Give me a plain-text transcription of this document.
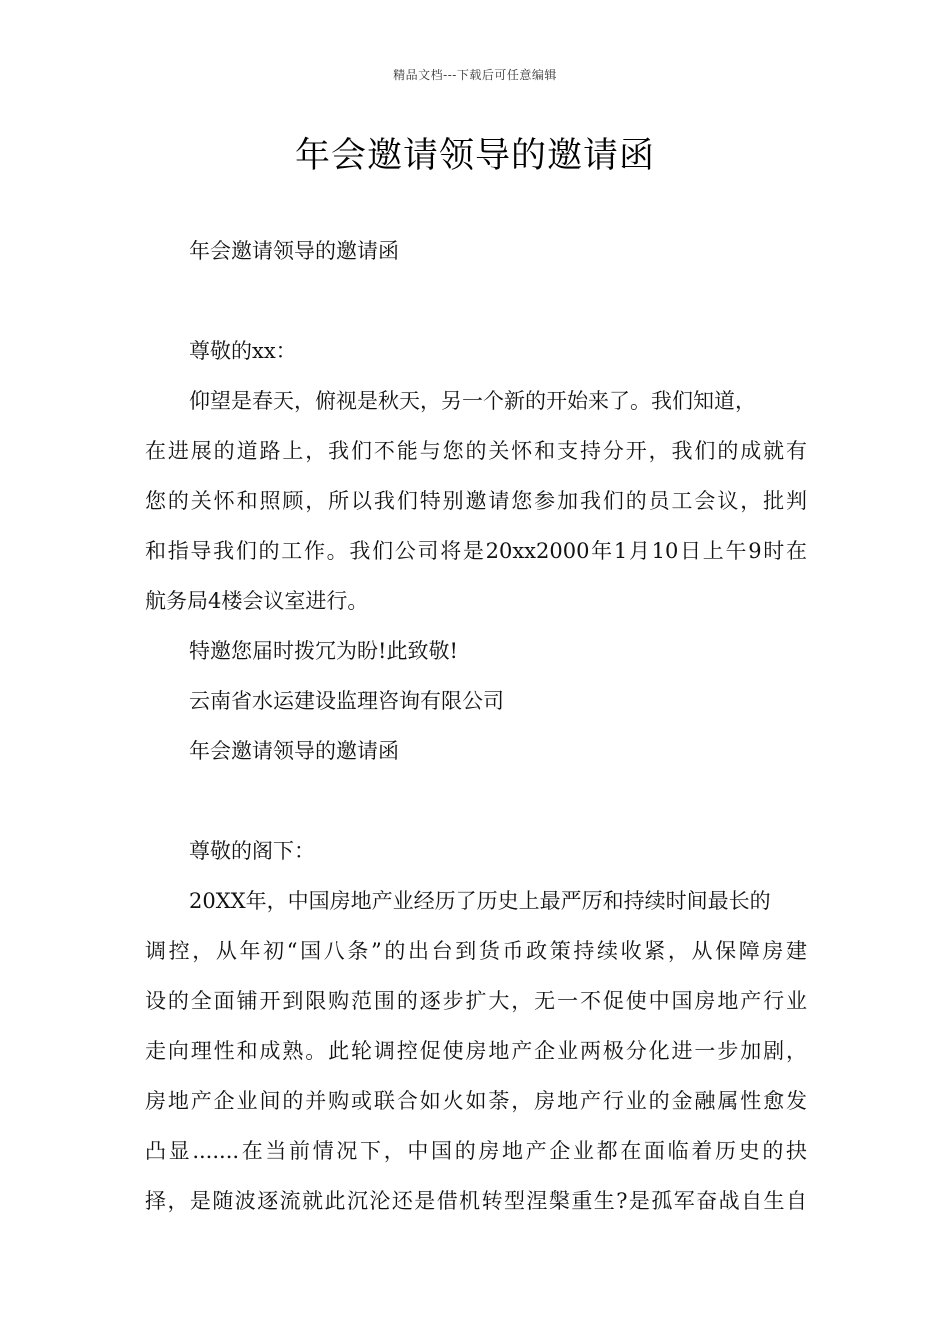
精品文档---下载后可任意编辑
年会邀请领导的邀请函
年会邀请领导的邀请函
尊敬的xx：
仰望是春天，俯视是秋天，另一个新的开始来了。我们知道，
在进展的道路上，我们不能与您的关怀和支持分开，我们的成就有
您的关怀和照顾，所以我们特别邀请您参加我们的员工会议，批判
和指导我们的工作。我们公司将是20xx2000年1月10日上午9时在
航务局4楼会议室进行。
特邀您届时拨冗为盼!此致敬!
云南省水运建设监理咨询有限公司
年会邀请领导的邀请函
尊敬的阁下：
20XX年，中国房地产业经历了历史上最严厉和持续时间最长的
调控，从年初“国八条”的出台到货币政策持续收紧，从保障房建
设的全面铺开到限购范围的逐步扩大，无一不促使中国房地产行业
走向理性和成熟。此轮调控促使房地产企业两极分化进一步加剧，
房地产企业间的并购或联合如火如荼，房地产行业的金融属性愈发
凸显.......在当前情况下，中国的房地产企业都在面临着历史的抉
择，是随波逐流就此沉沦还是借机转型涅槃重生?是孤军奋战自生自
